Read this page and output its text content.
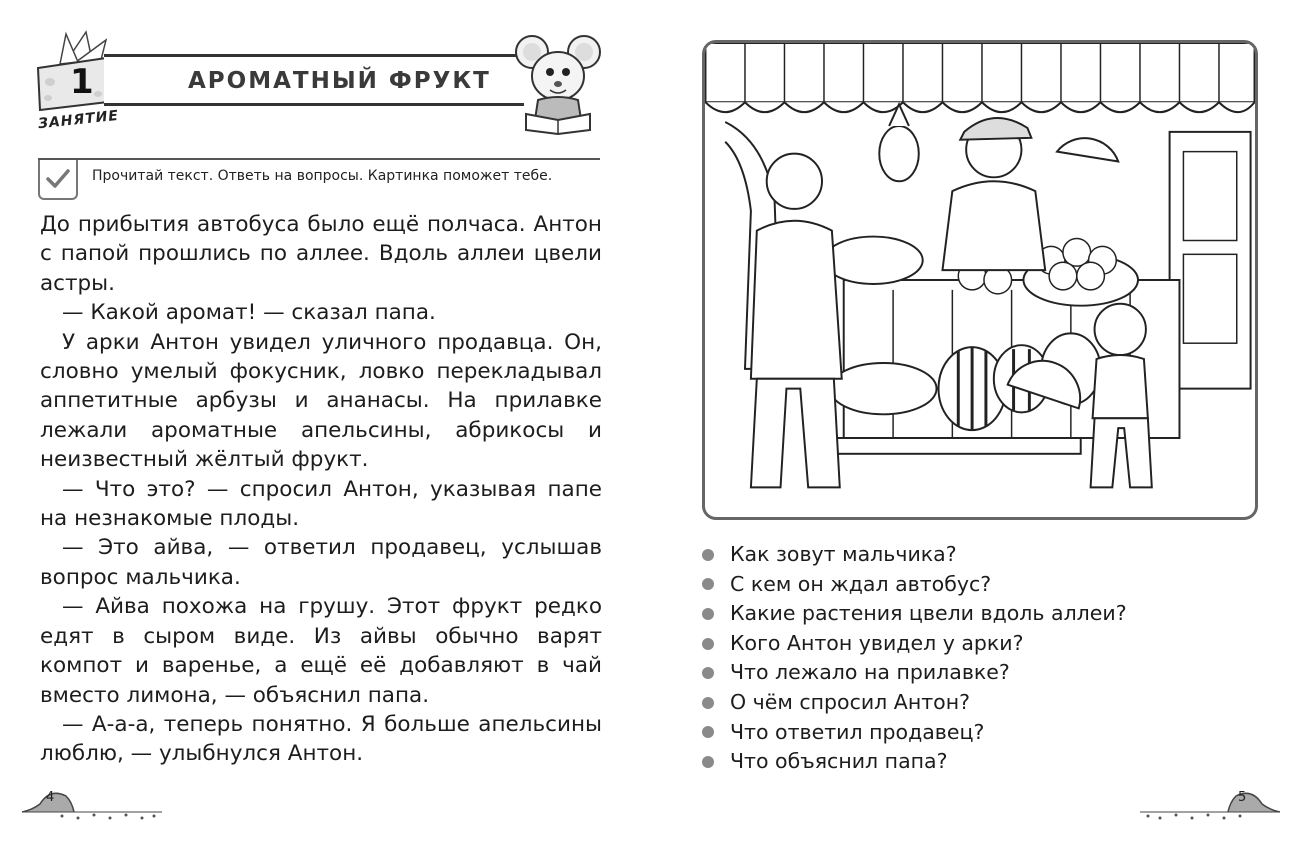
1
ЗАНЯТИЕ
АРОМАТНЫЙ ФРУКТ
Прочитай текст. Ответь на вопросы. Картинка поможет тебе.

До прибытия автобуса было ещё полчаса. Антон с папой прошлись по аллее. Вдоль аллеи цвели астры.

— Какой аромат! — сказал папа.

У арки Антон увидел уличного продавца. Он, словно умелый фокусник, ловко перекладывал аппетитные арбузы и ананасы. На прилавке лежали ароматные апельсины, абрикосы и неизвестный жёлтый фрукт.

— Что это? — спросил Антон, указывая папе на незнакомые плоды.

— Это айва, — ответил продавец, услышав вопрос мальчика.

— Айва похожа на грушу. Этот фрукт редко едят в сыром виде. Из айвы обычно варят компот и варенье, а ещё её добавляют в чай вместо лимона, — объяснил папа.

— А-а-а, теперь понятно. Я больше апельсины люблю, — улыбнулся Антон.

4
Как зовут мальчика?
С кем он ждал автобус?
Какие растения цвели вдоль аллеи?
Кого Антон увидел у арки?
Что лежало на прилавке?
О чём спросил Антон?
Что ответил продавец?
Что объяснил папа?
5
